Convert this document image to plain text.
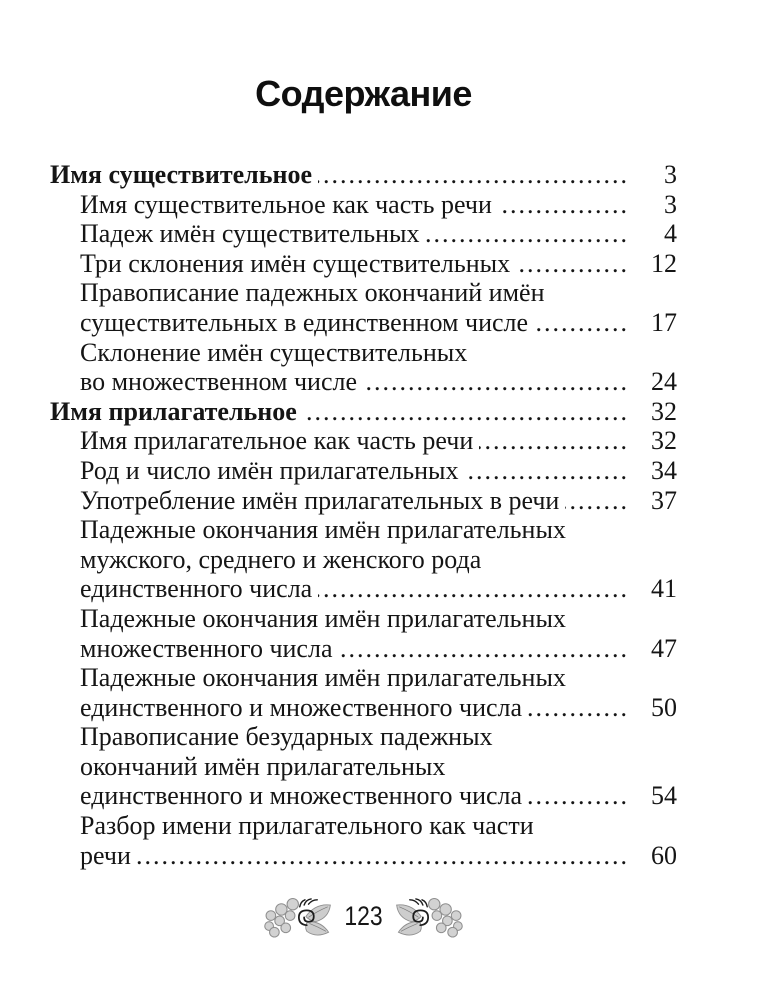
Содержание
Имя существительное .....	3
Имя существительное как часть речи .....	3
Падеж имён существительных .....	4
Три склонения имён существительных .....	12
Правописание падежных окончаний имён
существительных в единственном числе .....	17
Склонение имён существительных
во множественном числе .....	24
Имя прилагательное .....	32
Имя прилагательное как часть речи .....	32
Род и число имён прилагательных .....	34
Употребление имён прилагательных в речи .....	37
Падежные окончания имён прилагательных
мужского, среднего и женского рода
единственного числа .....	41
Падежные окончания имён прилагательных
множественного числа .....	47
Падежные окончания имён прилагательных
единственного и множественного числа .....	50
Правописание безударных падежных
окончаний имён прилагательных
единственного и множественного числа .....	54
Разбор имени прилагательного как части
речи .....	60
123
